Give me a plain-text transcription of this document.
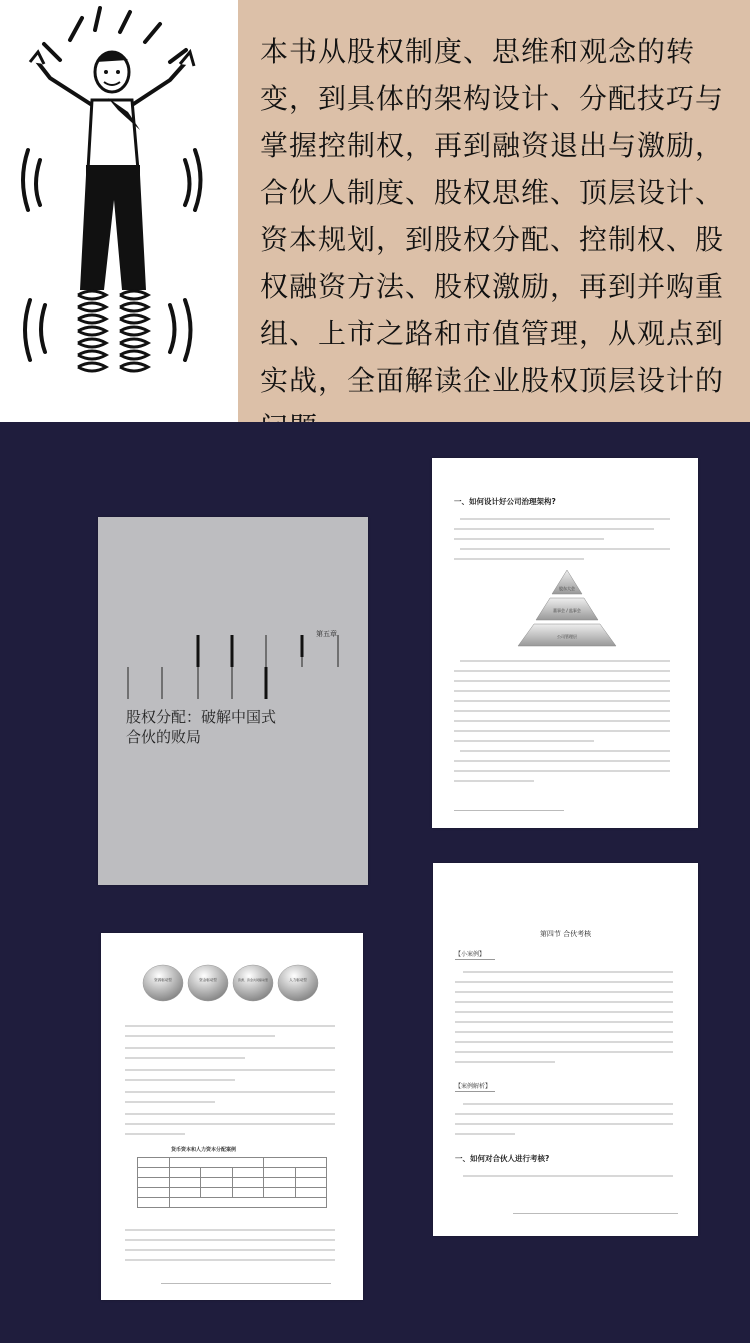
本书从股权制度、思维和观念的转变，到具体的架构设计、分配技巧与掌握控制权，再到融资退出与激励，合伙人制度、股权思维、顶层设计、资本规划，到股权分配、控制权、股权融资方法、股权激励，再到并购重组、上市之路和市值管理，从观点到实战，全面解读企业股权顶层设计的

第五章
股权分配：破解中国式
合伙的败局
一、如何设计好公司治理架构?
股东大会
董事会 / 监事会
公司管理层
资源驱动型	资金驱动型	资源、资金共同驱动型	人力驱动型
货币资本和人力资本分配案例

第四节 合伙考核
【小案例】
【案例解析】
一、如何对合伙人进行考核?
